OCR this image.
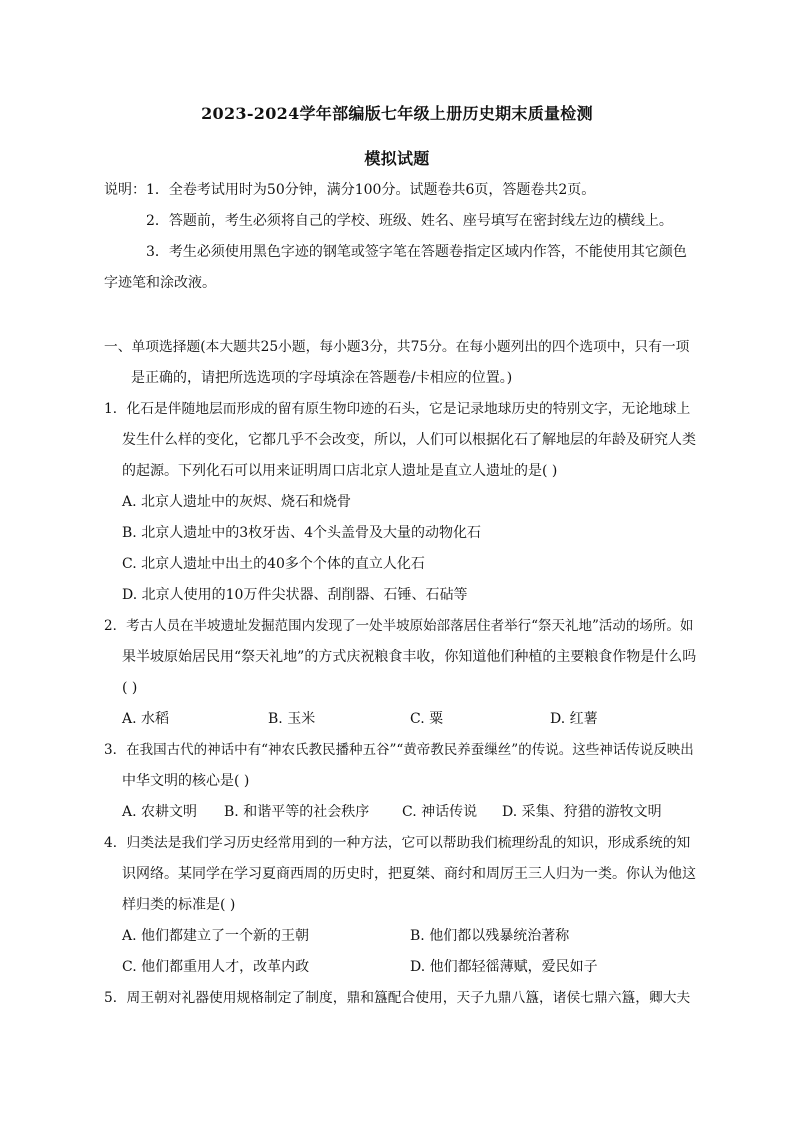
2023-2024学年部编版七年级上册历史期末质量检测
模拟试题
说明：1．全卷考试用时为50分钟，满分100分。试题卷共6页，答题卷共2页。
2．答题前，考生必须将自己的学校、班级、姓名、座号填写在密封线左边的横线上。
3．考生必须使用黑色字迹的钢笔或签字笔在答题卷指定区域内作答，不能使用其它颜色
字迹笔和涂改液。
一、单项选择题(本大题共25小题，每小题3分，共75分。在每小题列出的四个选项中，只有一项
是正确的，请把所选选项的字母填涂在答题卷/卡相应的位置。)
1．化石是伴随地层而形成的留有原生物印迹的石头，它是记录地球历史的特别文字，无论地球上
发生什么样的变化，它都几乎不会改变，所以，人们可以根据化石了解地层的年龄及研究人类
的起源。下列化石可以用来证明周口店北京人遗址是直立人遗址的是( )
A. 北京人遗址中的灰烬、烧石和烧骨
B. 北京人遗址中的3枚牙齿、4个头盖骨及大量的动物化石
C. 北京人遗址中出土的40多个个体的直立人化石
D. 北京人使用的10万件尖状器、刮削器、石锤、石砧等
2．考古人员在半坡遗址发掘范围内发现了一处半坡原始部落居住者举行“祭天礼地”活动的场所。如
果半坡原始居民用“祭天礼地”的方式庆祝粮食丰收，你知道他们种植的主要粮食作物是什么吗
( )
A. 水稻	B. 玉米	C. 粟	D. 红薯
3．在我国古代的神话中有“神农氏教民播种五谷”“黄帝教民养蚕缫丝”的传说。这些神话传说反映出
中华文明的核心是( )
A. 农耕文明 B. 和谐平等的社会秩序 C. 神话传说 D. 采集、狩猎的游牧文明
4．归类法是我们学习历史经常用到的一种方法，它可以帮助我们梳理纷乱的知识，形成系统的知
识网络。某同学在学习夏商西周的历史时，把夏桀、商纣和周厉王三人归为一类。你认为他这
样归类的标准是( )
A. 他们都建立了一个新的王朝	B. 他们都以残暴统治著称
C. 他们都重用人才，改革内政	D. 他们都轻徭薄赋，爱民如子
5．周王朝对礼器使用规格制定了制度，鼎和簋配合使用，天子九鼎八簋，诸侯七鼎六簋，卿大夫
